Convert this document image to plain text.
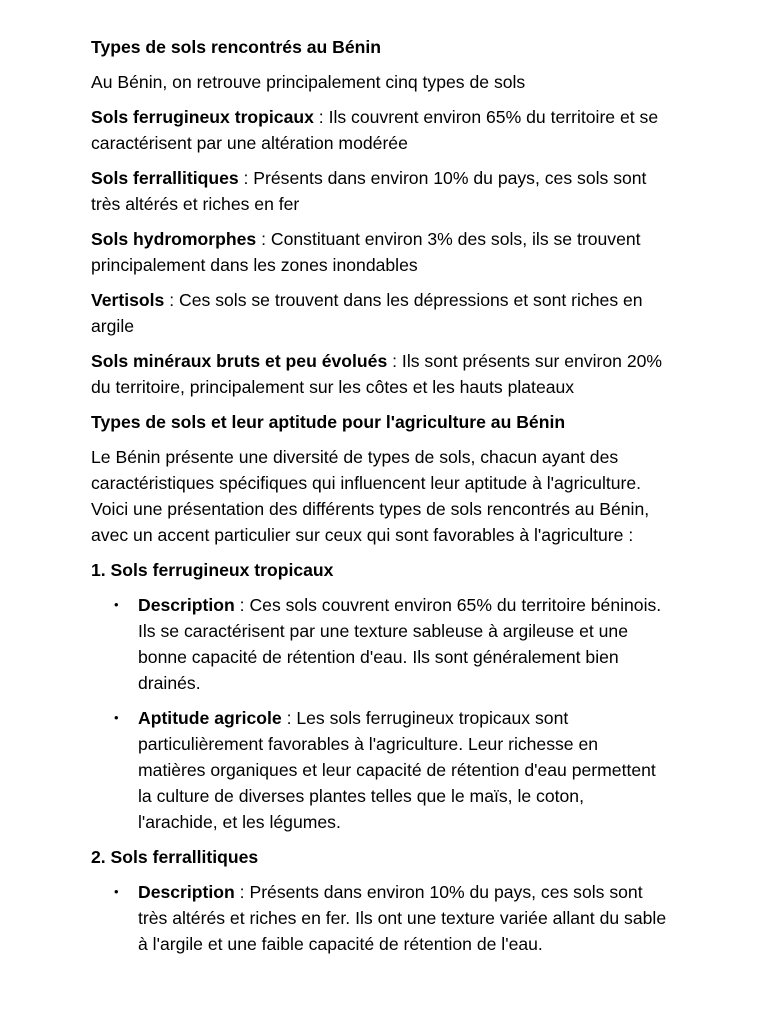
Types de sols rencontrés au Bénin

Au Bénin, on retrouve principalement cinq types de sols

Sols ferrugineux tropicaux : Ils couvrent environ 65% du territoire et se caractérisent par une altération modérée

Sols ferrallitiques : Présents dans environ 10% du pays, ces sols sont très altérés et riches en fer

Sols hydromorphes : Constituant environ 3% des sols, ils se trouvent principalement dans les zones inondables

Vertisols : Ces sols se trouvent dans les dépressions et sont riches en argile

Sols minéraux bruts et peu évolués : Ils sont présents sur environ 20% du territoire, principalement sur les côtes et les hauts plateaux

Types de sols et leur aptitude pour l'agriculture au Bénin

Le Bénin présente une diversité de types de sols, chacun ayant des caractéristiques spécifiques qui influencent leur aptitude à l'agriculture. Voici une présentation des différents types de sols rencontrés au Bénin, avec un accent particulier sur ceux qui sont favorables à l'agriculture :

1. Sols ferrugineux tropicaux

• Description : Ces sols couvrent environ 65% du territoire béninois. Ils se caractérisent par une texture sableuse à argileuse et une bonne capacité de rétention d'eau. Ils sont généralement bien drainés.
• Aptitude agricole : Les sols ferrugineux tropicaux sont particulièrement favorables à l'agriculture. Leur richesse en matières organiques et leur capacité de rétention d'eau permettent la culture de diverses plantes telles que le maïs, le coton, l'arachide, et les légumes.

2. Sols ferrallitiques

• Description : Présents dans environ 10% du pays, ces sols sont très altérés et riches en fer. Ils ont une texture variée allant du sable à l'argile et une faible capacité de rétention de l'eau.
